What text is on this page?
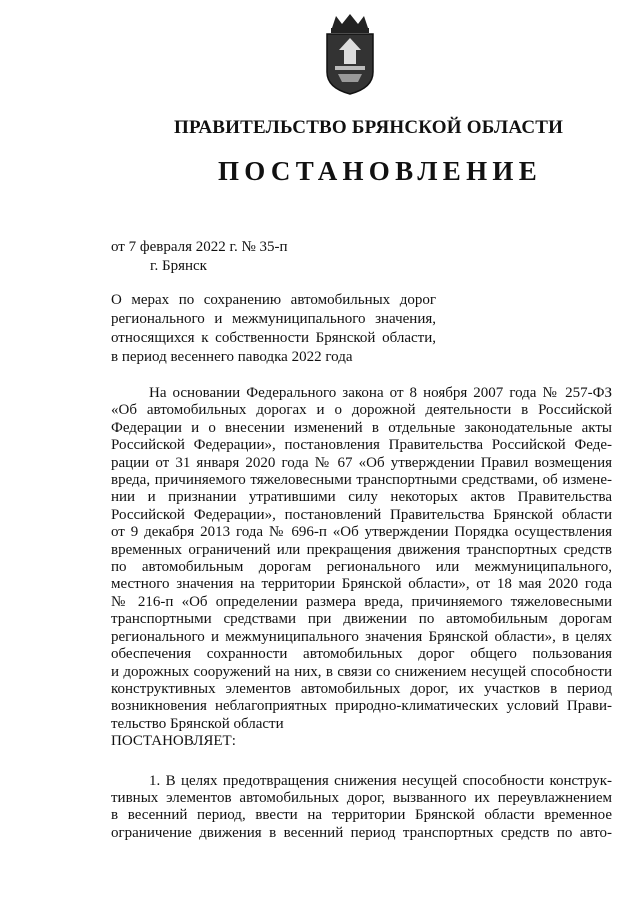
ПРАВИТЕЛЬСТВО БРЯНСКОЙ ОБЛАСТИ
ПОСТАНОВЛЕНИЕ
от 7 февраля 2022 г. № 35-п
г. Брянск
О мерах по сохранению автомобильных дорог
регионального и межмуниципального значения,
относящихся к собственности Брянской области,
в период весеннего паводка 2022 года
На основании Федерального закона от 8 ноября 2007 года № 257-ФЗ
«Об автомобильных дорогах и о дорожной деятельности в Российской
Федерации и о внесении изменений в отдельные законодательные акты
Российской Федерации», постановления Правительства Российской Феде-
рации от 31 января 2020 года № 67 «Об утверждении Правил возмещения
вреда, причиняемого тяжеловесными транспортными средствами, об измене-
нии и признании утратившими силу некоторых актов Правительства
Российской Федерации», постановлений Правительства Брянской области
от 9 декабря 2013 года № 696-п «Об утверждении Порядка осуществления
временных ограничений или прекращения движения транспортных средств
по автомобильным дорогам регионального или межмуниципального,
местного значения на территории Брянской области», от 18 мая 2020 года
№ 216-п «Об определении размера вреда, причиняемого тяжеловесными
транспортными средствами при движении по автомобильным дорогам
регионального и межмуниципального значения Брянской области», в целях
обеспечения сохранности автомобильных дорог общего пользования
и дорожных сооружений на них, в связи со снижением несущей способности
конструктивных элементов автомобильных дорог, их участков в период
возникновения неблагоприятных природно-климатических условий Прави-
тельство Брянской области
ПОСТАНОВЛЯЕТ:
1. В целях предотвращения снижения несущей способности конструк-
тивных элементов автомобильных дорог, вызванного их переувлажнением
в весенний период, ввести на территории Брянской области временное
ограничение движения в весенний период транспортных средств по авто-
